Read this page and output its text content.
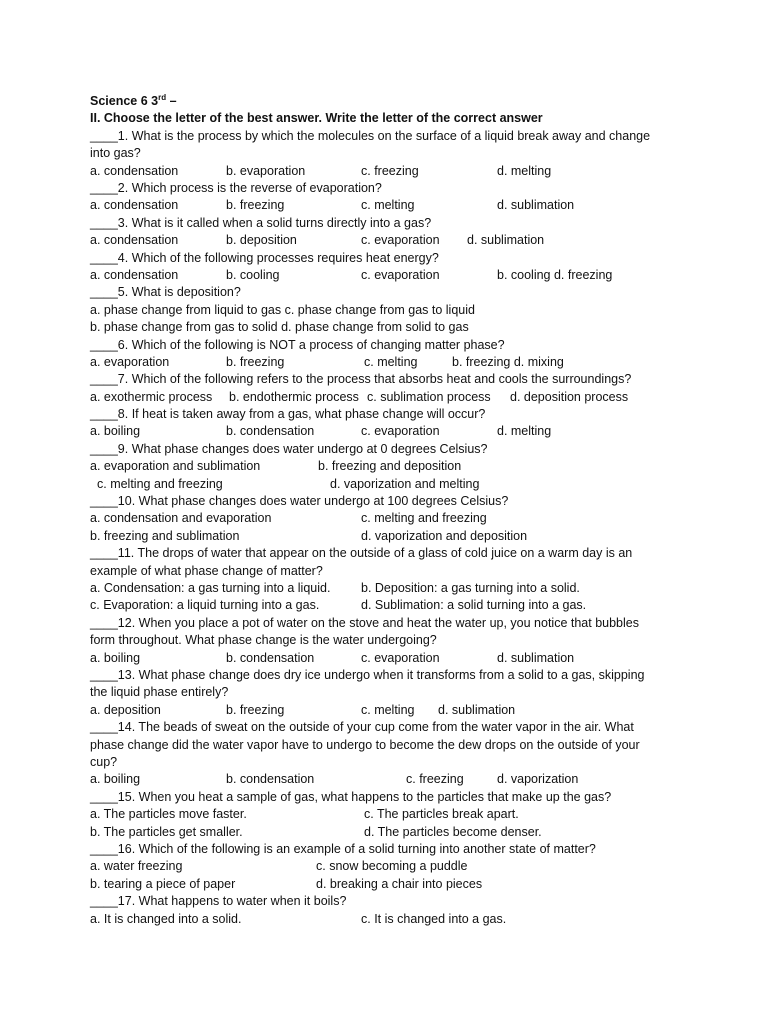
Science 6 3rd –
II. Choose the letter of the best answer. Write the letter of the correct answer
____1. What is the process by which the molecules on the surface of a liquid break away and change into gas?
a. condensation	b. evaporation	c. freezing	d. melting
____2. Which process is the reverse of evaporation?
a. condensation	b. freezing	c. melting	d. sublimation
____3. What is it called when a solid turns directly into a gas?
a. condensation	b. deposition	c. evaporation d. sublimation
____4. Which of the following processes requires heat energy?
a. condensation	b. cooling	c. evaporation	b. cooling d. freezing
____5. What is deposition?
a. phase change from liquid to gas c. phase change from gas to liquid
b. phase change from gas to solid d. phase change from solid to gas
____6. Which of the following is NOT a process of changing matter phase?
a. evaporation	b. freezing	c. melting	b. freezing d. mixing
____7. Which of the following refers to the process that absorbs heat and cools the surroundings?
a. exothermic process b. endothermic process c. sublimation process d. deposition process
____8. If heat is taken away from a gas, what phase change will occur?
a. boiling	b. condensation	c. evaporation	d. melting
____9. What phase changes does water undergo at 0 degrees Celsius?
a. evaporation and sublimation	b. freezing and deposition
c. melting and freezing	d. vaporization and melting
____10. What phase changes does water undergo at 100 degrees Celsius?
a. condensation and evaporation	c. melting and freezing
b. freezing and sublimation	d. vaporization and deposition
____11. The drops of water that appear on the outside of a glass of cold juice on a warm day is an example of what phase change of matter?
a. Condensation: a gas turning into a liquid. b. Deposition: a gas turning into a solid.
c. Evaporation: a liquid turning into a gas.	d. Sublimation: a solid turning into a gas.
____12. When you place a pot of water on the stove and heat the water up, you notice that bubbles form throughout. What phase change is the water undergoing?
a. boiling	b. condensation	c. evaporation	d. sublimation
____13. What phase change does dry ice undergo when it transforms from a solid to a gas, skipping the liquid phase entirely?
a. deposition	b. freezing	c. melting d. sublimation
____14. The beads of sweat on the outside of your cup come from the water vapor in the air. What phase change did the water vapor have to undergo to become the dew drops on the outside of your cup?
a. boiling	b. condensation	c. freezing	d. vaporization
____15. When you heat a sample of gas, what happens to the particles that make up the gas?
a. The particles move faster.	c. The particles break apart.
b. The particles get smaller.	d. The particles become denser.
____16. Which of the following is an example of a solid turning into another state of matter?
a. water freezing	c. snow becoming a puddle
b. tearing a piece of paper	d. breaking a chair into pieces
____17. What happens to water when it boils?
a. It is changed into a solid.	c. It is changed into a gas.
